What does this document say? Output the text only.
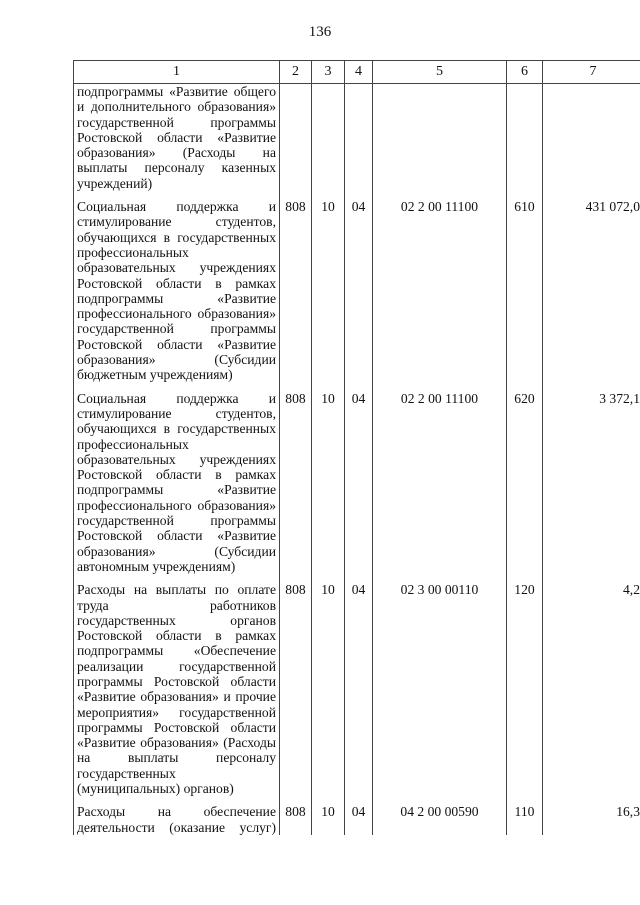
136
1	2	3	4	5	6	7
подпрограммы «Развитие общего и дополнительного образования» государственной программы Ростовской области «Развитие образования» (Расходы на выплаты персоналу казенных учреждений)						
Социальная поддержка и стимулирование студентов, обучающихся в государственных профессиональных образовательных учреждениях Ростовской области в рамках подпрограммы «Развитие профессионального образования» государственной программы Ростовской области «Развитие образования» (Субсидии бюджетным учреждениям)	808	10	04	02 2 00 11100	610	431 072,0
Социальная поддержка и стимулирование студентов, обучающихся в государственных профессиональных образовательных учреждениях Ростовской области в рамках подпрограммы «Развитие профессионального образования» государственной программы Ростовской области «Развитие образования» (Субсидии автономным учреждениям)	808	10	04	02 2 00 11100	620	3 372,1
Расходы на выплаты по оплате труда работников государственных органов Ростовской области в рамках подпрограммы «Обеспечение реализации государственной программы Ростовской области «Развитие образования» и прочие мероприятия» государственной программы Ростовской области «Развитие образования» (Расходы на выплаты персоналу государственных (муниципальных) органов)	808	10	04	02 3 00 00110	120	4,2
Расходы на обеспечение деятельности (оказание услуг)	808	10	04	04 2 00 00590	110	16,3
